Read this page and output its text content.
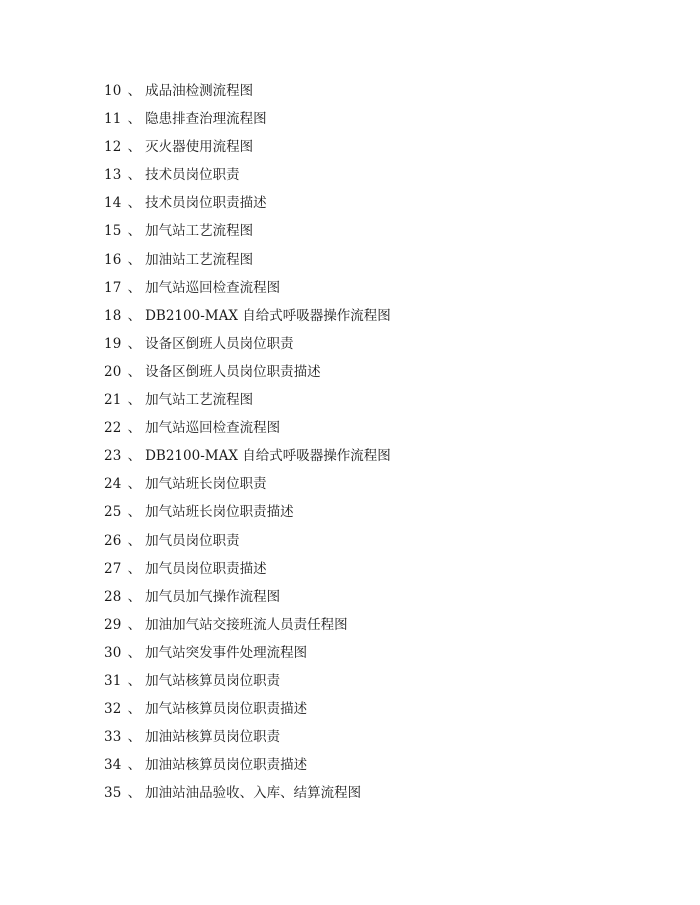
10 、 成品油检测流程图
11 、 隐患排查治理流程图
12 、 灭火器使用流程图
13 、 技术员岗位职责
14 、 技术员岗位职责描述
15 、 加气站工艺流程图
16 、 加油站工艺流程图
17 、 加气站巡回检查流程图
18 、 DB2100-MAX 自给式呼吸器操作流程图
19 、 设备区倒班人员岗位职责
20 、 设备区倒班人员岗位职责描述
21 、 加气站工艺流程图
22 、 加气站巡回检查流程图
23 、 DB2100-MAX 自给式呼吸器操作流程图
24 、 加气站班长岗位职责
25 、 加气站班长岗位职责描述
26 、 加气员岗位职责
27 、 加气员岗位职责描述
28 、 加气员加气操作流程图
29 、 加油加气站交接班流人员责任程图
30 、 加气站突发事件处理流程图
31 、 加气站核算员岗位职责
32 、 加气站核算员岗位职责描述
33 、 加油站核算员岗位职责
34 、 加油站核算员岗位职责描述
35 、 加油站油品验收、入库、结算流程图
